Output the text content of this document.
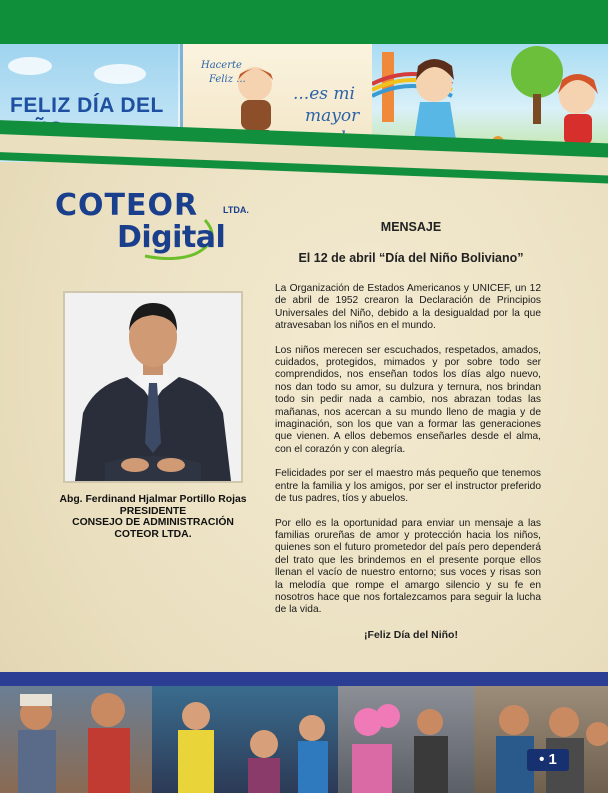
FELIZ DÍA DEL
Hacerte
Feliz ...
...es mi
mayor
COTEOR	LTDA.
Digital
Abg. Ferdinand Hjalmar Portillo Rojas
PRESIDENTE
CONSEJO DE ADMINISTRACIÓN
COTEOR LTDA.
MENSAJE
El 12 de abril “Día del Niño Boliviano”

La Organización de Estados Americanos y UNICEF, un 12 de abril de 1952 crearon la Declaración de Principios Universales del Niño, debido a la desigualdad por la que atravesaban los niños en el mundo.

Los niños merecen ser escuchados, respetados, amados, cuidados, protegidos, mimados y por sobre todo ser comprendidos, nos enseñan todos los días algo nuevo, nos dan todo su amor, su dulzura y ternura, nos brindan todo sin pedir nada a cambio, nos abrazan todas las mañanas, nos acercan a su mundo lleno de magia y de imaginación, son los que van a formar las generaciones que vienen. A ellos debemos enseñarles desde el alma, con el corazón y con alegría.

Felicidades por ser el maestro más pequeño que tenemos entre la familia y los amigos, por ser el instructor preferido de tus padres, tíos y abuelos.

Por ello es la oportunidad para enviar un mensaje a las familias orureñas de amor y protección hacia los niños, quienes son el futuro prometedor del país pero dependerá del trato que les brindemos en el presente porque ellos llenan el vacío de nuestro entorno; sus voces y risas son la melodía que rompe el amargo silencio y su fe en nosotros hace que nos fortalezcamos para seguir la lucha de la vida.

¡Feliz Día del Niño!
• 1
